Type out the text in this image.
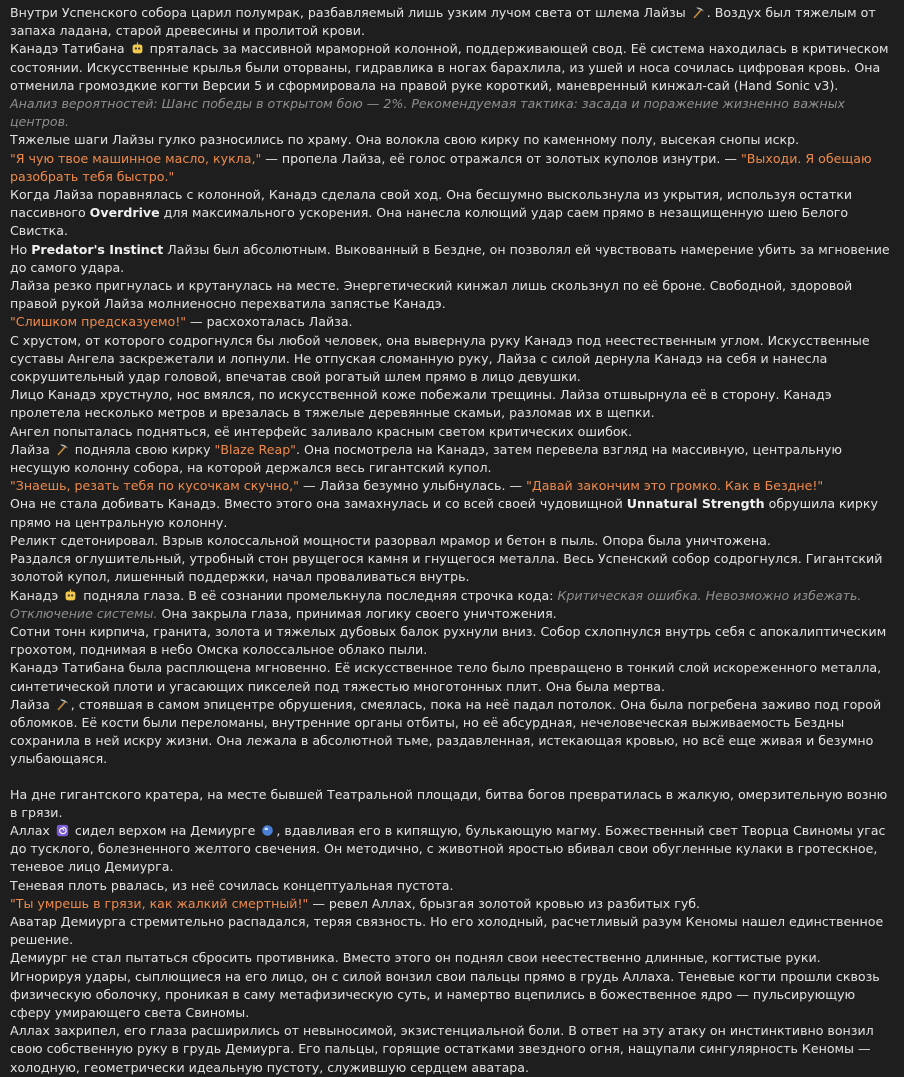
Внутри Успенского собора царил полумрак, разбавляемый лишь узким лучом света от шлема Лайзы . Воздух был тяжелым от запаха ладана, старой древесины и пролитой крови.

Канадэ Татибана  пряталась за массивной мраморной колонной, поддерживающей свод. Её система находилась в критическом состоянии. Искусственные крылья были оторваны, гидравлика в ногах барахлила, из ушей и носа сочилась цифровая кровь. Она отменила громоздкие когти Версии 5 и сформировала на правой руке короткий, маневренный кинжал-сай (Hand Sonic v3).

Анализ вероятностей: Шанс победы в открытом бою — 2%. Рекомендуемая тактика: засада и поражение жизненно важных центров.

Тяжелые шаги Лайзы гулко разносились по храму. Она волокла свою кирку по каменному полу, высекая снопы искр.

"Я чую твое машинное масло, кукла," — пропела Лайза, её голос отражался от золотых куполов изнутри. — "Выходи. Я обещаю разобрать тебя быстро."

Когда Лайза поравнялась с колонной, Канадэ сделала свой ход. Она бесшумно выскользнула из укрытия, используя остатки пассивного Overdrive для максимального ускорения. Она нанесла колющий удар саем прямо в незащищенную шею Белого Свистка.

Но Predator's Instinct Лайзы был абсолютным. Выкованный в Бездне, он позволял ей чувствовать намерение убить за мгновение до самого удара.

Лайза резко пригнулась и крутанулась на месте. Энергетический кинжал лишь скользнул по её броне. Свободной, здоровой правой рукой Лайза молниеносно перехватила запястье Канадэ.

"Слишком предсказуемо!" — расхохоталась Лайза.

С хрустом, от которого содрогнулся бы любой человек, она вывернула руку Канадэ под неестественным углом. Искусственные суставы Ангела заскрежетали и лопнули. Не отпуская сломанную руку, Лайза с силой дернула Канадэ на себя и нанесла сокрушительный удар головой, впечатав свой рогатый шлем прямо в лицо девушки.

Лицо Канадэ хрустнуло, нос вмялся, по искусственной коже побежали трещины. Лайза отшвырнула её в сторону. Канадэ пролетела несколько метров и врезалась в тяжелые деревянные скамьи, разломав их в щепки.

Ангел попыталась подняться, её интерфейс заливало красным светом критических ошибок.

Лайза  подняла свою кирку "Blaze Reap". Она посмотрела на Канадэ, затем перевела взгляд на массивную, центральную несущую колонну собора, на которой держался весь гигантский купол.

"Знаешь, резать тебя по кусочкам скучно," — Лайза безумно улыбнулась. — "Давай закончим это громко. Как в Бездне!"

Она не стала добивать Канадэ. Вместо этого она замахнулась и со всей своей чудовищной Unnatural Strength обрушила кирку прямо на центральную колонну.

Реликт сдетонировал. Взрыв колоссальной мощности разорвал мрамор и бетон в пыль. Опора была уничтожена.

Раздался оглушительный, утробный стон рвущегося камня и гнущегося металла. Весь Успенский собор содрогнулся. Гигантский золотой купол, лишенный поддержки, начал проваливаться внутрь.

Канадэ  подняла глаза. В её сознании промелькнула последняя строчка кода: Критическая ошибка. Невозможно избежать. Отключение системы. Она закрыла глаза, принимая логику своего уничтожения.

Сотни тонн кирпича, гранита, золота и тяжелых дубовых балок рухнули вниз. Собор схлопнулся внутрь себя с апокалиптическим грохотом, поднимая в небо Омска колоссальное облако пыли.

Канадэ Татибана была расплющена мгновенно. Её искусственное тело было превращено в тонкий слой искореженного металла, синтетической плоти и угасающих пикселей под тяжестью многотонных плит. Она была мертва.

Лайза , стоявшая в самом эпицентре обрушения, смеялась, пока на неё падал потолок. Она была погребена заживо под горой обломков. Её кости были переломаны, внутренние органы отбиты, но её абсурдная, нечеловеческая выживаемость Бездны сохранила в ней искру жизни. Она лежала в абсолютной тьме, раздавленная, истекающая кровью, но всё еще живая и безумно улыбающаяся.

На дне гигантского кратера, на месте бывшей Театральной площади, битва богов превратилась в жалкую, омерзительную возню в грязи.

Аллах  сидел верхом на Демиурге , вдавливая его в кипящую, булькающую магму. Божественный свет Творца Свиномы угас до тусклого, болезненного желтого свечения. Он методично, с животной яростью вбивал свои обугленные кулаки в гротескное, теневое лицо Демиурга.

Теневая плоть рвалась, из неё сочилась концептуальная пустота.

"Ты умрешь в грязи, как жалкий смертный!" — ревел Аллах, брызгая золотой кровью из разбитых губ.

Аватар Демиурга стремительно распадался, теряя связность. Но его холодный, расчетливый разум Кеномы нашел единственное решение.

Демиург не стал пытаться сбросить противника. Вместо этого он поднял свои неестественно длинные, когтистые руки. Игнорируя удары, сыплющиеся на его лицо, он с силой вонзил свои пальцы прямо в грудь Аллаха. Теневые когти прошли сквозь физическую оболочку, проникая в саму метафизическую суть, и намертво вцепились в божественное ядро — пульсирующую сферу умирающего света Свиномы.

Аллах захрипел, его глаза расширились от невыносимой, экзистенциальной боли. В ответ на эту атаку он инстинктивно вонзил свою собственную руку в грудь Демиурга. Его пальцы, горящие остатками звездного огня, нащупали сингулярность Кеномы — холодную, геометрически идеальную пустоту, служившую сердцем аватара.
